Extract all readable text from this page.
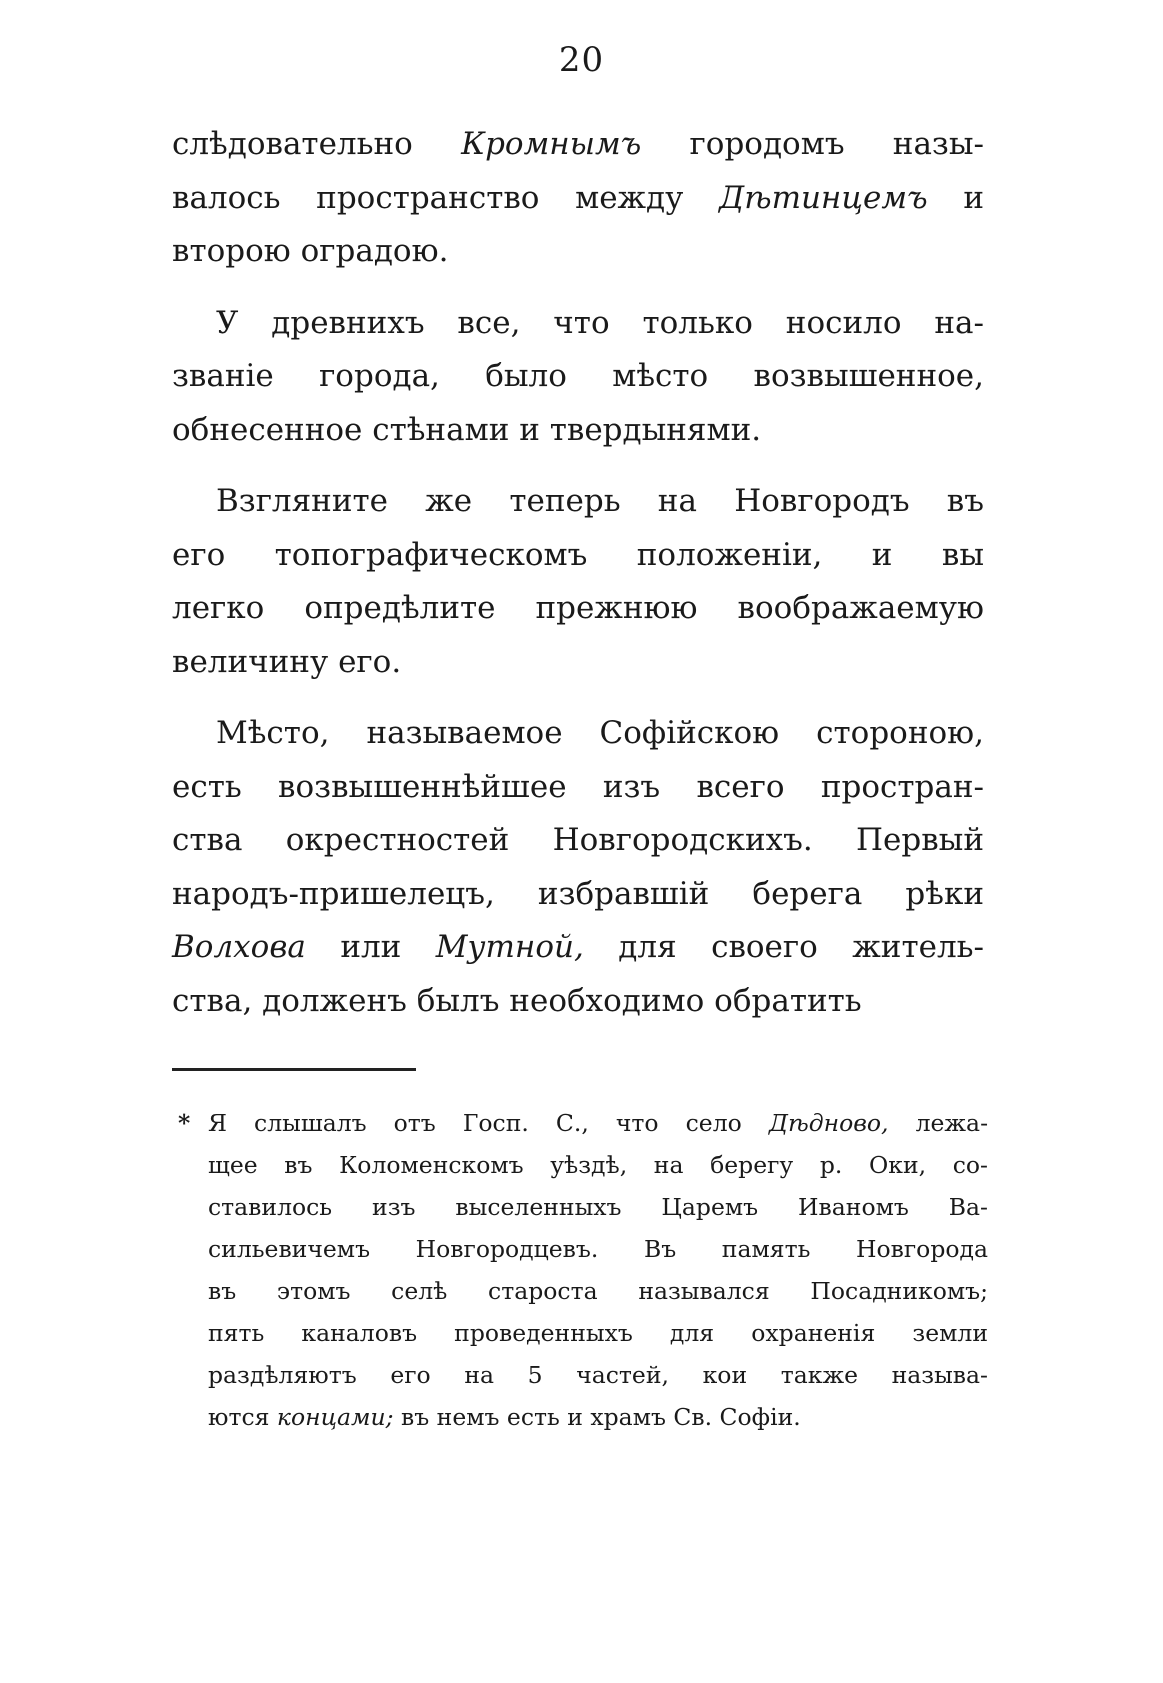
20
слѣдовательно Кромнымъ городомъ назы-
валось пространство между Дѣтинцемъ и
второю оградою.
У древнихъ все, что только носило на-
званіе города, было мѣсто возвышенное,
обнесенное стѣнами и твердынями.
Взгляните же теперь на Новгородъ въ
его топографическомъ положеніи, и вы
легко опредѣлите прежнюю воображаемую
величину его.
Мѣсто, называемое Софійскою стороною,
есть возвышеннѣйшее изъ всего простран-
ства окрестностей Новгородскихъ. Первый
народъ-пришелецъ, избравшій берега рѣки
Волхова или Мутной, для своего житель-
ства, долженъ былъ необходимо обратить
* Я слышалъ отъ Госп. С., что село Дѣдново, лежа-
щее въ Коломенскомъ уѣздѣ, на берегу р. Оки, со-
ставилось изъ выселенныхъ Царемъ Иваномъ Ва-
сильевичемъ Новгородцевъ. Въ память Новгорода
въ этомъ селѣ староста назывался Посадникомъ;
пять каналовъ проведенныхъ для охраненія земли
раздѣляютъ его на 5 частей, кои также называ-
ются концами; въ немъ есть и храмъ Св. Софіи.
